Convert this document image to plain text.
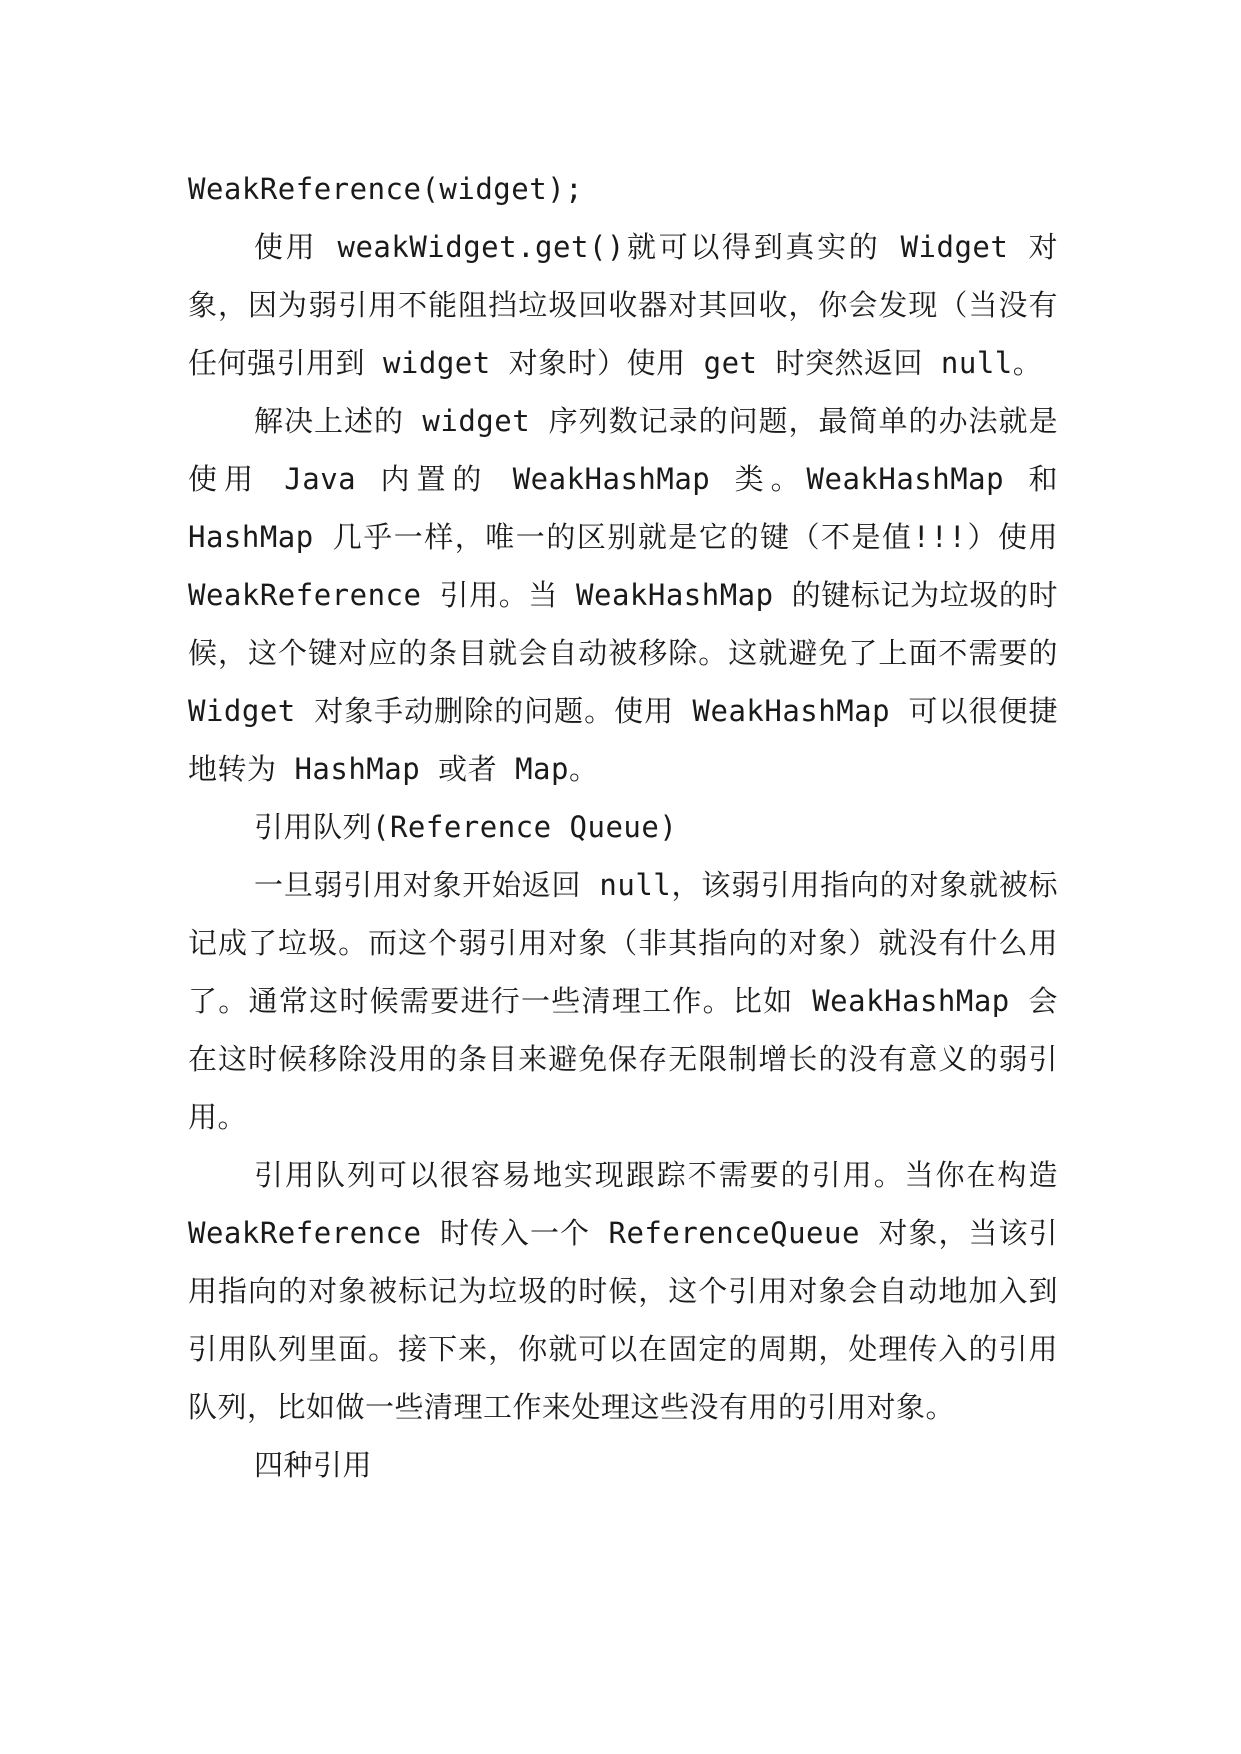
WeakReference(widget);

使用 weakWidget.get()就可以得到真实的 Widget 对象，因为弱引用不能阻挡垃圾回收器对其回收，你会发现（当没有任何强引用到 widget 对象时）使用 get 时突然返回 null。

解决上述的 widget 序列数记录的问题，最简单的办法就是使用 Java 内置的 WeakHashMap 类。WeakHashMap 和 HashMap 几乎一样，唯一的区别就是它的键（不是值!!!）使用 WeakReference 引用。当 WeakHashMap 的键标记为垃圾的时候，这个键对应的条目就会自动被移除。这就避免了上面不需要的 Widget 对象手动删除的问题。使用 WeakHashMap 可以很便捷地转为 HashMap 或者 Map。

引用队列(Reference Queue)

一旦弱引用对象开始返回 null，该弱引用指向的对象就被标记成了垃圾。而这个弱引用对象（非其指向的对象）就没有什么用了。通常这时候需要进行一些清理工作。比如 WeakHashMap 会在这时候移除没用的条目来避免保存无限制增长的没有意义的弱引用。

引用队列可以很容易地实现跟踪不需要的引用。当你在构造 WeakReference 时传入一个 ReferenceQueue 对象，当该引用指向的对象被标记为垃圾的时候，这个引用对象会自动地加入到引用队列里面。接下来，你就可以在固定的周期，处理传入的引用队列，比如做一些清理工作来处理这些没有用的引用对象。

四种引用
